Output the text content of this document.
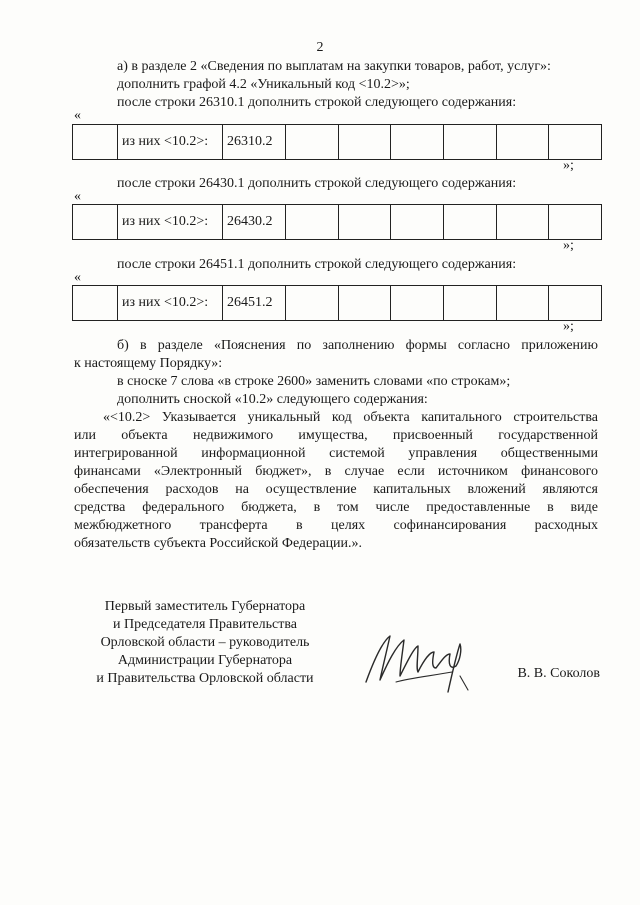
2
а) в разделе 2 «Сведения по выплатам на закупки товаров, работ, услуг»:
дополнить графой 4.2 «Уникальный код <10.2>»;
после строки 26310.1 дополнить строкой следующего содержания:
«
	из них <10.2>:	26310.2						
»;
после строки 26430.1 дополнить строкой следующего содержания:
«
	из них <10.2>:	26430.2						
»;
после строки 26451.1 дополнить строкой следующего содержания:
«
	из них <10.2>:	26451.2						
»;
б) в разделе «Пояснения по заполнению формы согласно приложению
к настоящему Порядку»:
в сноске 7 слова «в строке 2600» заменить словами «по строкам»;
дополнить сноской «10.2» следующего содержания:
«<10.2> Указывается уникальный код объекта капитального строительства
или объекта недвижимого имущества, присвоенный государственной
интегрированной информационной системой управления общественными
финансами «Электронный бюджет», в случае если источником финансового
обеспечения расходов на осуществление капитальных вложений являются
средства федерального бюджета, в том числе предоставленные в виде
межбюджетного трансферта в целях софинансирования расходных
обязательств субъекта Российской Федерации.».
Первый заместитель Губернатора
и Председателя Правительства
Орловской области – руководитель
Администрации Губернатора
и Правительства Орловской области	В. В. Соколов
